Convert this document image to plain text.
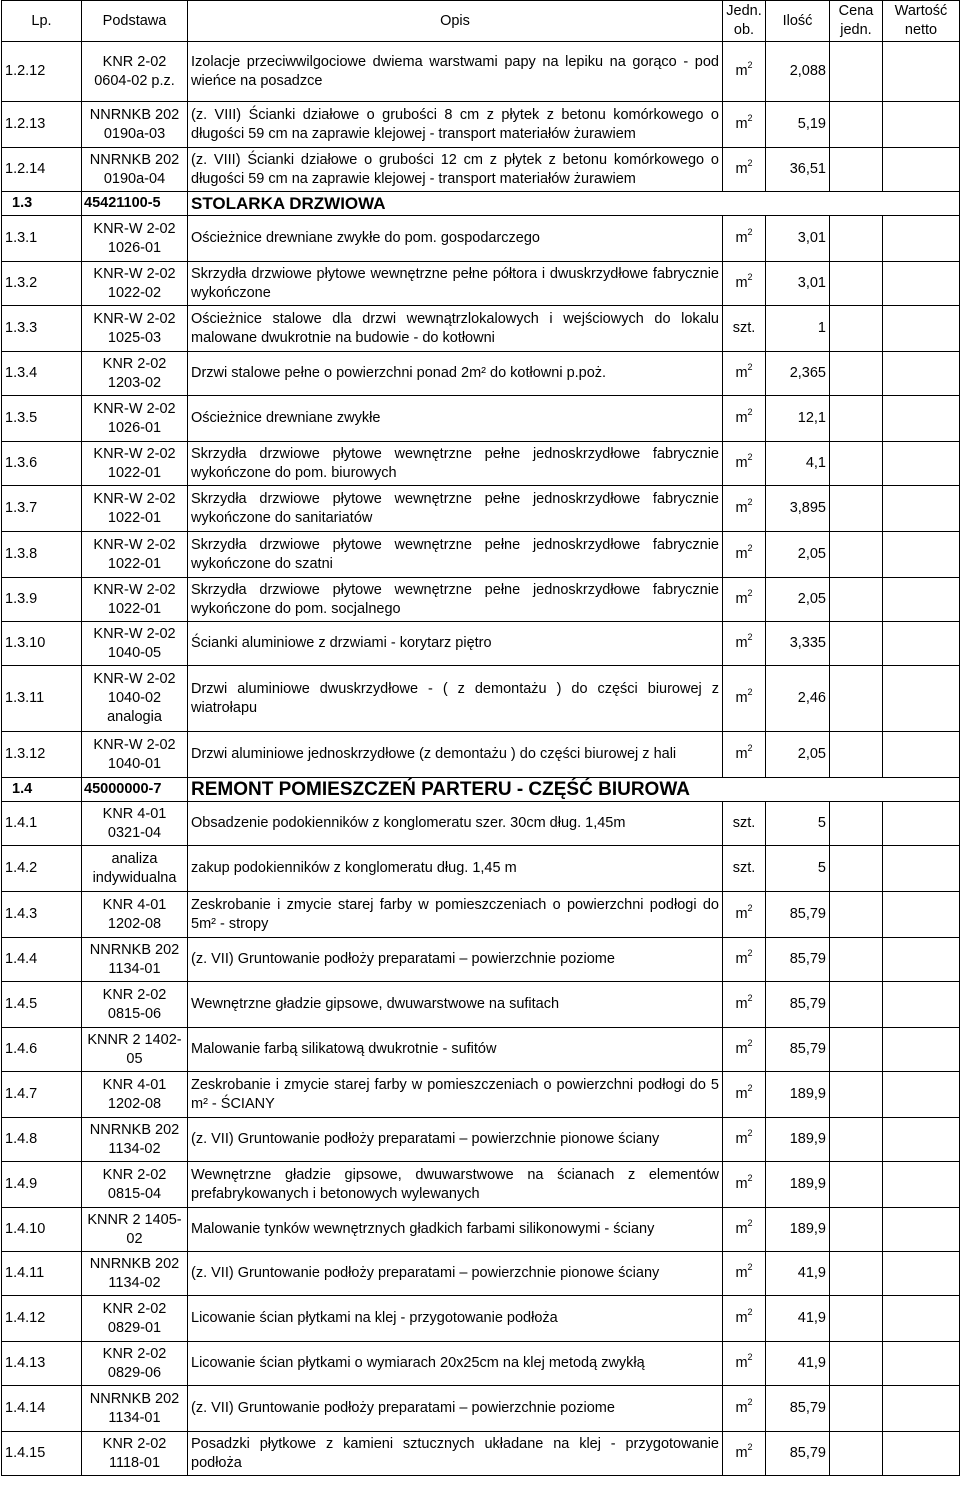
Lp.	Podstawa	Opis	Jedn. ob.	Ilość	Cena jedn.	Wartość netto
1.2.12	KNR 2-02 0604-02 p.z.	Izolacje przeciwwilgociowe dwiema warstwami papy na lepiku na gorąco - pod wieńce na posadzce	$m^2$	2,088		
1.2.13	NNRNKB 202 0190a-03	(z. VIII) Ścianki działowe o grubości 8 cm z płytek z betonu komórkowego o długości 59 cm na zaprawie klejowej - transport materiałów żurawiem	$m^2$	5,19		
1.2.14	NNRNKB 202 0190a-04	(z. VIII) Ścianki działowe o grubości 12 cm z płytek z betonu komórkowego o długości 59 cm na zaprawie klejowej - transport materiałów żurawiem	$m^2$	36,51		
1.3	45421100-5	STOLARKA DRZWIOWA				
1.3.1	KNR-W 2-02 1026-01	Ościeżnice drewniane zwykłe do pom. gospodarczego	$m^2$	3,01		
1.3.2	KNR-W 2-02 1022-02	Skrzydła drzwiowe płytowe wewnętrzne pełne półtora i dwuskrzydłowe fabrycznie wykończone	$m^2$	3,01		
1.3.3	KNR-W 2-02 1025-03	Ościeżnice stalowe dla drzwi wewnątrzlokalowych i wejściowych do lokalu malowane dwukrotnie na budowie - do kotłowni	szt.	1		
1.3.4	KNR 2-02 1203-02	Drzwi stalowe pełne o powierzchni ponad 2m² do kotłowni p.poż.	$m^2$	2,365		
1.3.5	KNR-W 2-02 1026-01	Ościeżnice drewniane zwykłe	$m^2$	12,1		
1.3.6	KNR-W 2-02 1022-01	Skrzydła drzwiowe płytowe wewnętrzne pełne jednoskrzydłowe fabrycznie wykończone do pom. biurowych	$m^2$	4,1		
1.3.7	KNR-W 2-02 1022-01	Skrzydła drzwiowe płytowe wewnętrzne pełne jednoskrzydłowe fabrycznie wykończone do sanitariatów	$m^2$	3,895		
1.3.8	KNR-W 2-02 1022-01	Skrzydła drzwiowe płytowe wewnętrzne pełne jednoskrzydłowe fabrycznie wykończone do szatni	$m^2$	2,05		
1.3.9	KNR-W 2-02 1022-01	Skrzydła drzwiowe płytowe wewnętrzne pełne jednoskrzydłowe fabrycznie wykończone do pom. socjalnego	$m^2$	2,05		
1.3.10	KNR-W 2-02 1040-05	Ścianki aluminiowe z drzwiami - korytarz piętro	$m^2$	3,335		
1.3.11	KNR-W 2-02 1040-02 analogia	Drzwi aluminiowe dwuskrzydłowe - ( z demontażu ) do części biurowej z wiatrołapu	$m^2$	2,46		
1.3.12	KNR-W 2-02 1040-01	Drzwi aluminiowe jednoskrzydłowe (z demontażu ) do części biurowej z hali	$m^2$	2,05		
1.4	45000000-7	REMONT POMIESZCZEŃ PARTERU - CZĘŚĆ BIUROWA				
1.4.1	KNR 4-01 0321-04	Obsadzenie podokienników z konglomeratu szer. 30cm dług. 1,45m	szt.	5		
1.4.2	analiza indywidualna	zakup podokienników z konglomeratu dług. 1,45 m	szt.	5		
1.4.3	KNR 4-01 1202-08	Zeskrobanie i zmycie starej farby w pomieszczeniach o powierzchni podłogi do 5m² - stropy	$m^2$	85,79		
1.4.4	NNRNKB 202 1134-01	(z. VII) Gruntowanie podłoży preparatami – powierzchnie poziome	$m^2$	85,79		
1.4.5	KNR 2-02 0815-06	Wewnętrzne gładzie gipsowe, dwuwarstwowe na sufitach	$m^2$	85,79		
1.4.6	KNNR 2 1402-05	Malowanie farbą silikatową dwukrotnie - sufitów	$m^2$	85,79		
1.4.7	KNR 4-01 1202-08	Zeskrobanie i zmycie starej farby w pomieszczeniach o powierzchni podłogi do 5 m² - ŚCIANY	$m^2$	189,9		
1.4.8	NNRNKB 202 1134-02	(z. VII) Gruntowanie podłoży preparatami – powierzchnie pionowe ściany	$m^2$	189,9		
1.4.9	KNR 2-02 0815-04	Wewnętrzne gładzie gipsowe, dwuwarstwowe na ścianach z elementów prefabrykowanych i betonowych wylewanych	$m^2$	189,9		
1.4.10	KNNR 2 1405-02	Malowanie tynków wewnętrznych gładkich farbami silikonowymi - ściany	$m^2$	189,9		
1.4.11	NNRNKB 202 1134-02	(z. VII) Gruntowanie podłoży preparatami – powierzchnie pionowe ściany	$m^2$	41,9		
1.4.12	KNR 2-02 0829-01	Licowanie ścian płytkami na klej - przygotowanie podłoża	$m^2$	41,9		
1.4.13	KNR 2-02 0829-06	Licowanie ścian płytkami o wymiarach 20x25cm na klej metodą zwykłą	$m^2$	41,9		
1.4.14	NNRNKB 202 1134-01	(z. VII) Gruntowanie podłoży preparatami – powierzchnie poziome	$m^2$	85,79		
1.4.15	KNR 2-02 1118-01	Posadzki płytkowe z kamieni sztucznych układane na klej - przygotowanie podłoża	$m^2$	85,79		
